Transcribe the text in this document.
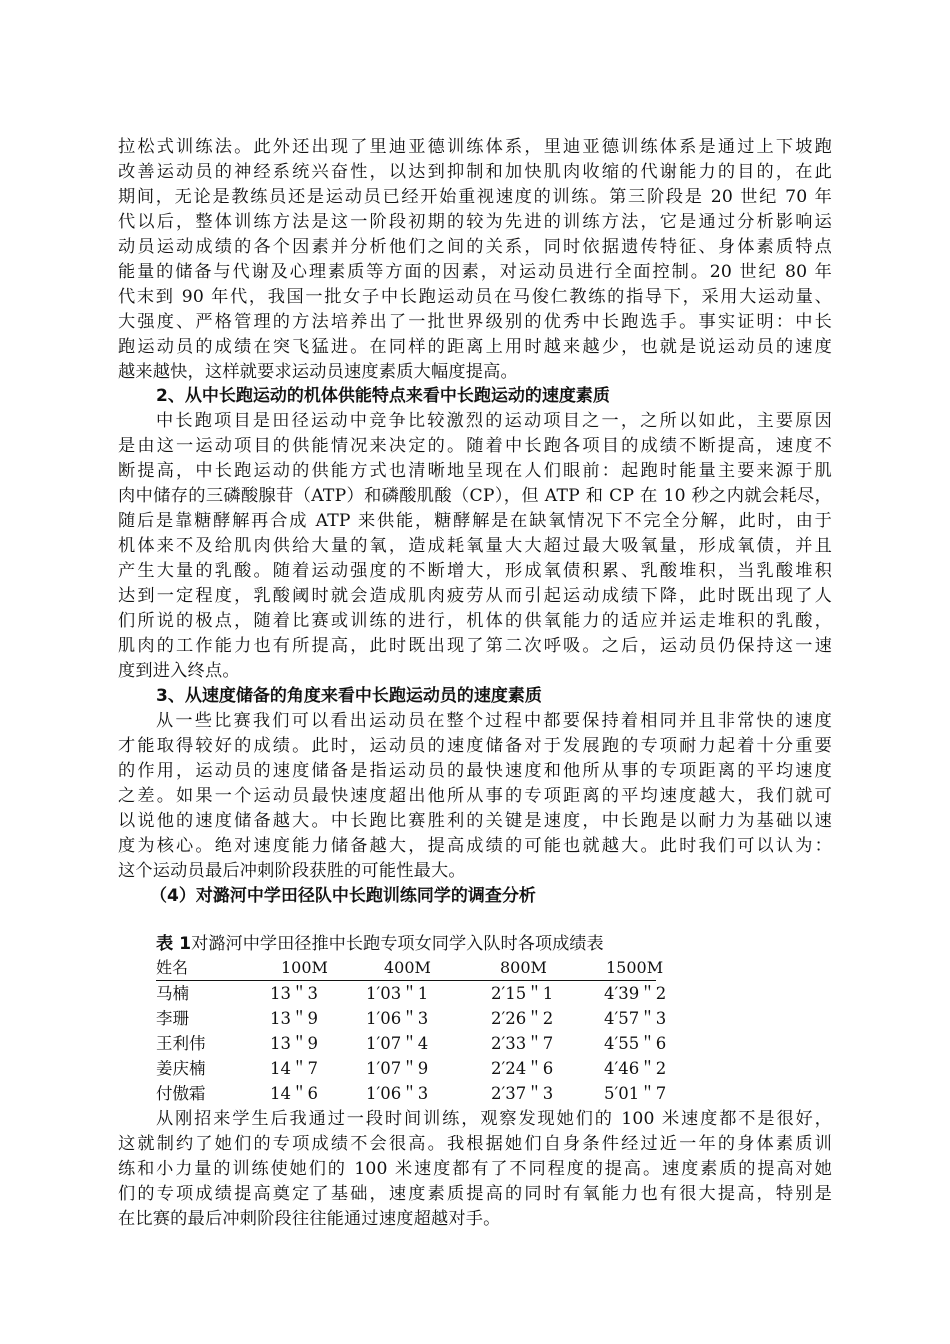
拉松式训练法。此外还出现了里迪亚德训练体系，里迪亚德训练体系是通过上下坡跑
改善运动员的神经系统兴奋性，以达到抑制和加快肌肉收缩的代谢能力的目的，在此
期间，无论是教练员还是运动员已经开始重视速度的训练。第三阶段是 20 世纪 70 年
代以后，整体训练方法是这一阶段初期的较为先进的训练方法，它是通过分析影响运
动员运动成绩的各个因素并分析他们之间的关系，同时依据遗传特征、身体素质特点
能量的储备与代谢及心理素质等方面的因素，对运动员进行全面控制。20 世纪 80 年
代末到 90 年代，我国一批女子中长跑运动员在马俊仁教练的指导下，采用大运动量、
大强度、严格管理的方法培养出了一批世界级别的优秀中长跑选手。事实证明：中长
跑运动员的成绩在突飞猛进。在同样的距离上用时越来越少，也就是说运动员的速度
越来越快，这样就要求运动员速度素质大幅度提高。
2、从中长跑运动的机体供能特点来看中长跑运动的速度素质
中长跑项目是田径运动中竞争比较激烈的运动项目之一，之所以如此，主要原因
是由这一运动项目的供能情况来决定的。随着中长跑各项目的成绩不断提高，速度不
断提高，中长跑运动的供能方式也清晰地呈现在人们眼前：起跑时能量主要来源于肌
肉中储存的三磷酸腺苷（ATP）和磷酸肌酸（CP），但 ATP 和 CP 在 10 秒之内就会耗尽，
随后是靠糖酵解再合成 ATP 来供能，糖酵解是在缺氧情况下不完全分解，此时，由于
机体来不及给肌肉供给大量的氧，造成耗氧量大大超过最大吸氧量，形成氧债，并且
产生大量的乳酸。随着运动强度的不断增大，形成氧债积累、乳酸堆积，当乳酸堆积
达到一定程度，乳酸阈时就会造成肌肉疲劳从而引起运动成绩下降，此时既出现了人
们所说的极点，随着比赛或训练的进行，机体的供氧能力的适应并运走堆积的乳酸，
肌肉的工作能力也有所提高，此时既出现了第二次呼吸。之后，运动员仍保持这一速
度到进入终点。
3、从速度储备的角度来看中长跑运动员的速度素质
从一些比赛我们可以看出运动员在整个过程中都要保持着相同并且非常快的速度
才能取得较好的成绩。此时，运动员的速度储备对于发展跑的专项耐力起着十分重要
的作用，运动员的速度储备是指运动员的最快速度和他所从事的专项距离的平均速度
之差。如果一个运动员最快速度超出他所从事的专项距离的平均速度越大，我们就可
以说他的速度储备越大。中长跑比赛胜利的关键是速度，中长跑是以耐力为基础以速
度为核心。绝对速度能力储备越大，提高成绩的可能也就越大。此时我们可以认为：
这个运动员最后冲刺阶段获胜的可能性最大。
（4）对潞河中学田径队中长跑训练同学的调查分析
表 1对潞河中学田径推中长跑专项女同学入队时各项成绩表
姓名	100M	400M	800M	1500M
马楠	13＂3	1′03＂1	2′15＂1	4′39＂2
李珊	13＂9	1′06＂3	2′26＂2	4′57＂3
王利伟	13＂9	1′07＂4	2′33＂7	4′55＂6
姜庆楠	14＂7	1′07＂9	2′24＂6	4′46＂2
付傲霜	14＂6	1′06＂3	2′37＂3	5′01＂7
从刚招来学生后我通过一段时间训练，观察发现她们的 100 米速度都不是很好，
这就制约了她们的专项成绩不会很高。我根据她们自身条件经过近一年的身体素质训
练和小力量的训练使她们的 100 米速度都有了不同程度的提高。速度素质的提高对她
们的专项成绩提高奠定了基础，速度素质提高的同时有氧能力也有很大提高，特别是
在比赛的最后冲刺阶段往往能通过速度超越对手。
